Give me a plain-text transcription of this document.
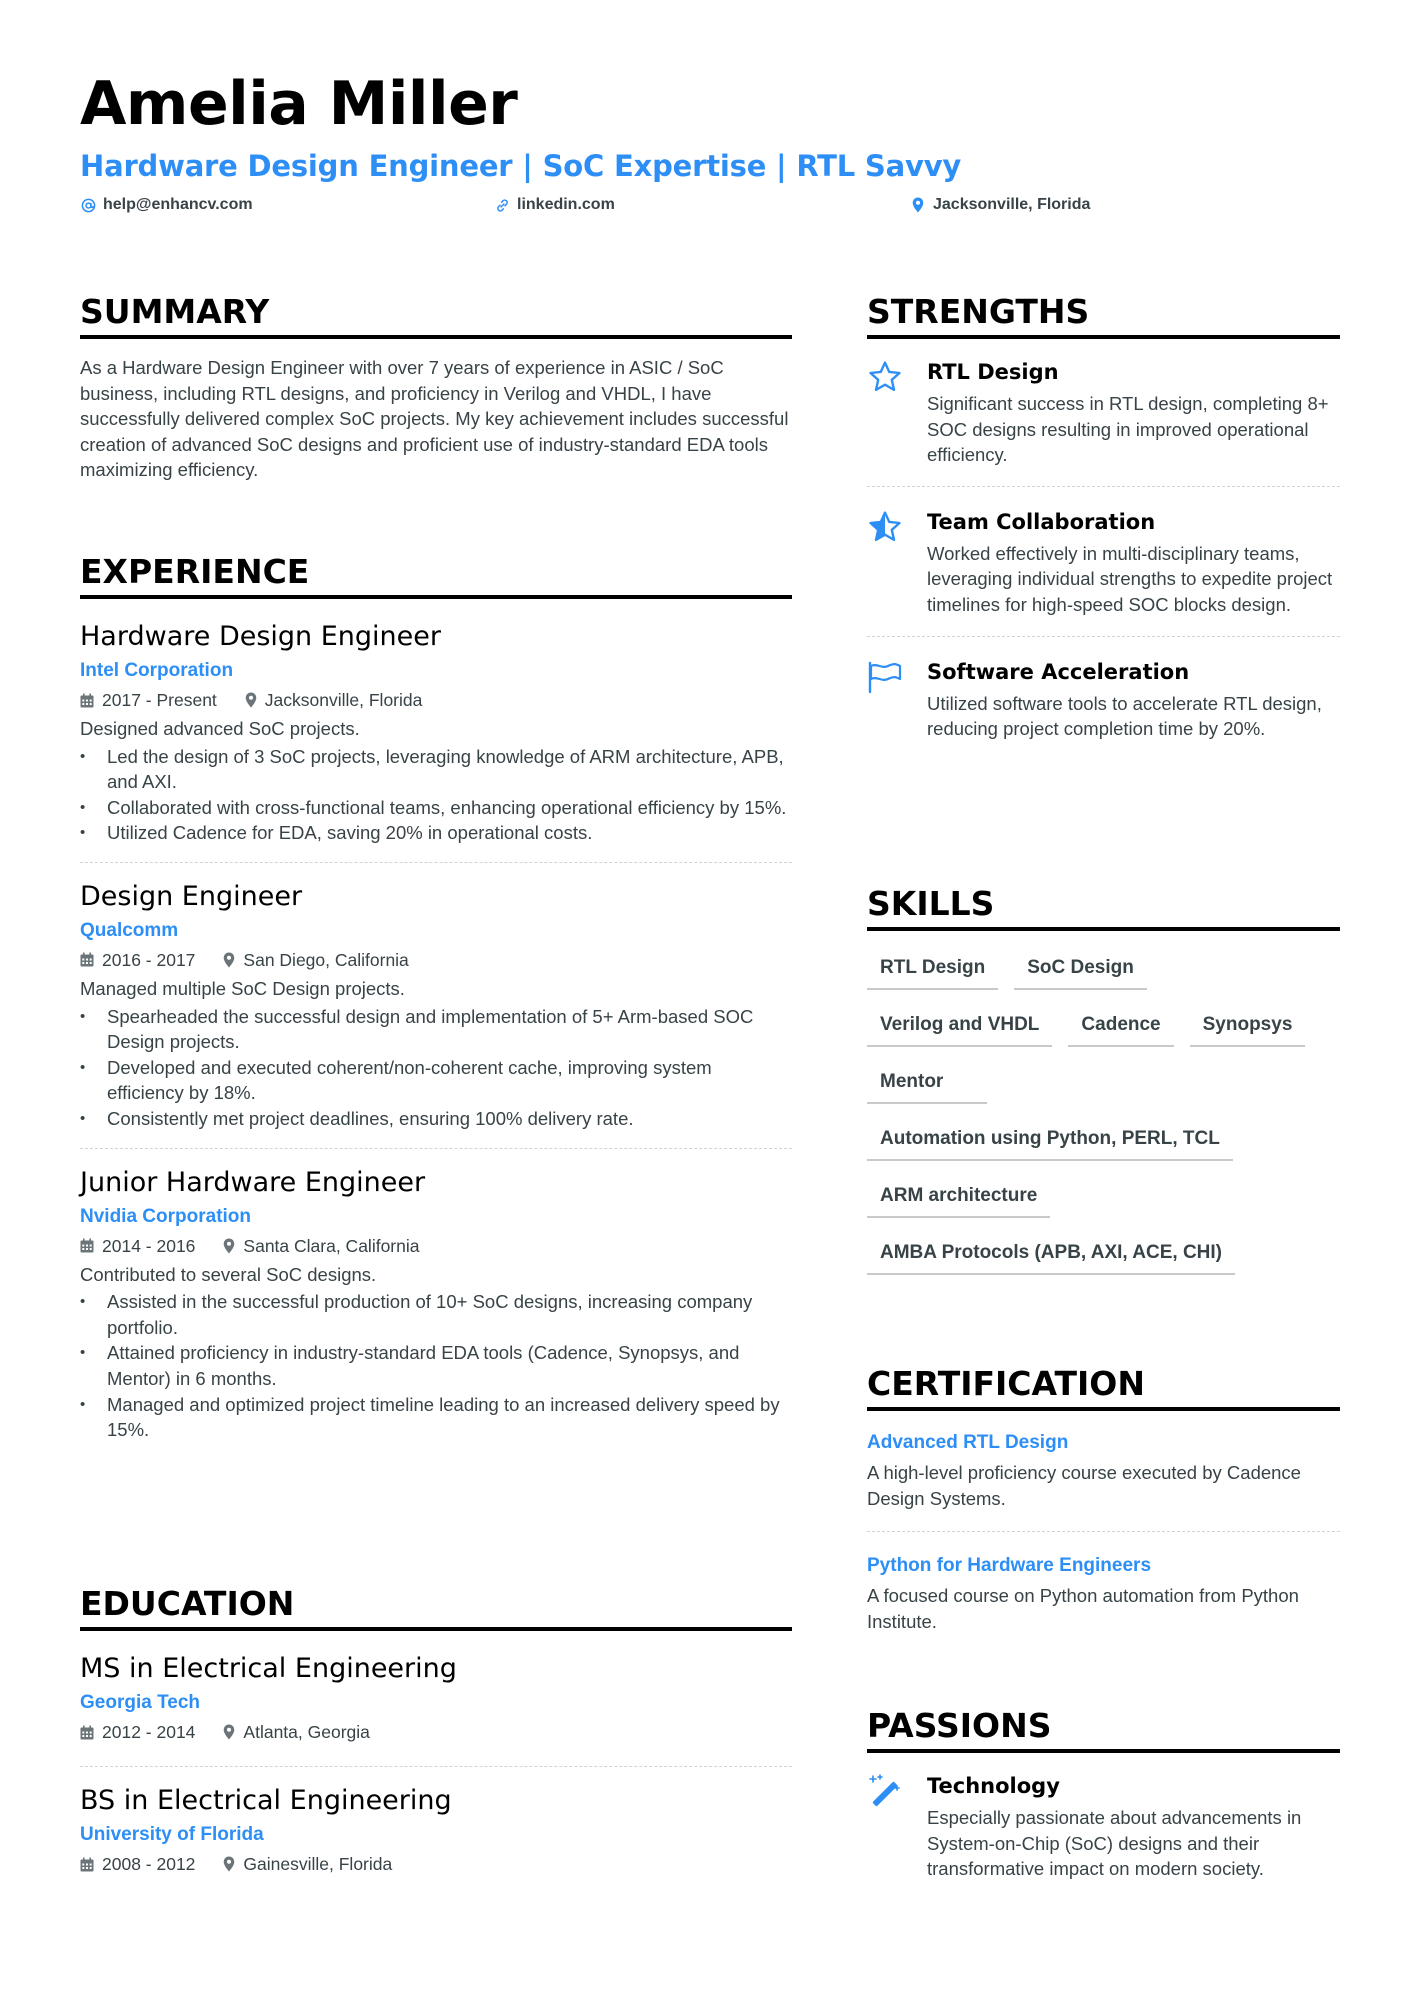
Amelia Miller
Hardware Design Engineer | SoC Expertise | RTL Savvy
help@enhancv.com	linkedin.com	Jacksonville, Florida
SUMMARY
As a Hardware Design Engineer with over 7 years of experience in ASIC / SoC business, including RTL designs, and proficiency in Verilog and VHDL, I have successfully delivered complex SoC projects. My key achievement includes successful creation of advanced SoC designs and proficient use of industry-standard EDA tools maximizing efficiency.
EXPERIENCE
Hardware Design Engineer
Intel Corporation
2017 - Present	Jacksonville, Florida
Designed advanced SoC projects.
• Led the design of 3 SoC projects, leveraging knowledge of ARM architecture, APB, and AXI.
• Collaborated with cross-functional teams, enhancing operational efficiency by 15%.
• Utilized Cadence for EDA, saving 20% in operational costs.
Design Engineer
Qualcomm
2016 - 2017	San Diego, California
Managed multiple SoC Design projects.
• Spearheaded the successful design and implementation of 5+ Arm-based SOC Design projects.
• Developed and executed coherent/non-coherent cache, improving system efficiency by 18%.
• Consistently met project deadlines, ensuring 100% delivery rate.
Junior Hardware Engineer
Nvidia Corporation
2014 - 2016	Santa Clara, California
Contributed to several SoC designs.
• Assisted in the successful production of 10+ SoC designs, increasing company portfolio.
• Attained proficiency in industry-standard EDA tools (Cadence, Synopsys, and Mentor) in 6 months.
• Managed and optimized project timeline leading to an increased delivery speed by 15%.
EDUCATION
MS in Electrical Engineering
Georgia Tech
2012 - 2014	Atlanta, Georgia
BS in Electrical Engineering
University of Florida
2008 - 2012	Gainesville, Florida
STRENGTHS
RTL Design
Significant success in RTL design, completing 8+ SOC designs resulting in improved operational efficiency.
Team Collaboration
Worked effectively in multi-disciplinary teams, leveraging individual strengths to expedite project timelines for high-speed SOC blocks design.
Software Acceleration
Utilized software tools to accelerate RTL design, reducing project completion time by 20%.
SKILLS
RTL Design	SoC Design
Verilog and VHDL	Cadence	Synopsys
Mentor
Automation using Python, PERL, TCL
ARM architecture
AMBA Protocols (APB, AXI, ACE, CHI)
CERTIFICATION
Advanced RTL Design
A high-level proficiency course executed by Cadence Design Systems.
Python for Hardware Engineers
A focused course on Python automation from Python Institute.
PASSIONS
Technology
Especially passionate about advancements in System-on-Chip (SoC) designs and their transformative impact on modern society.
